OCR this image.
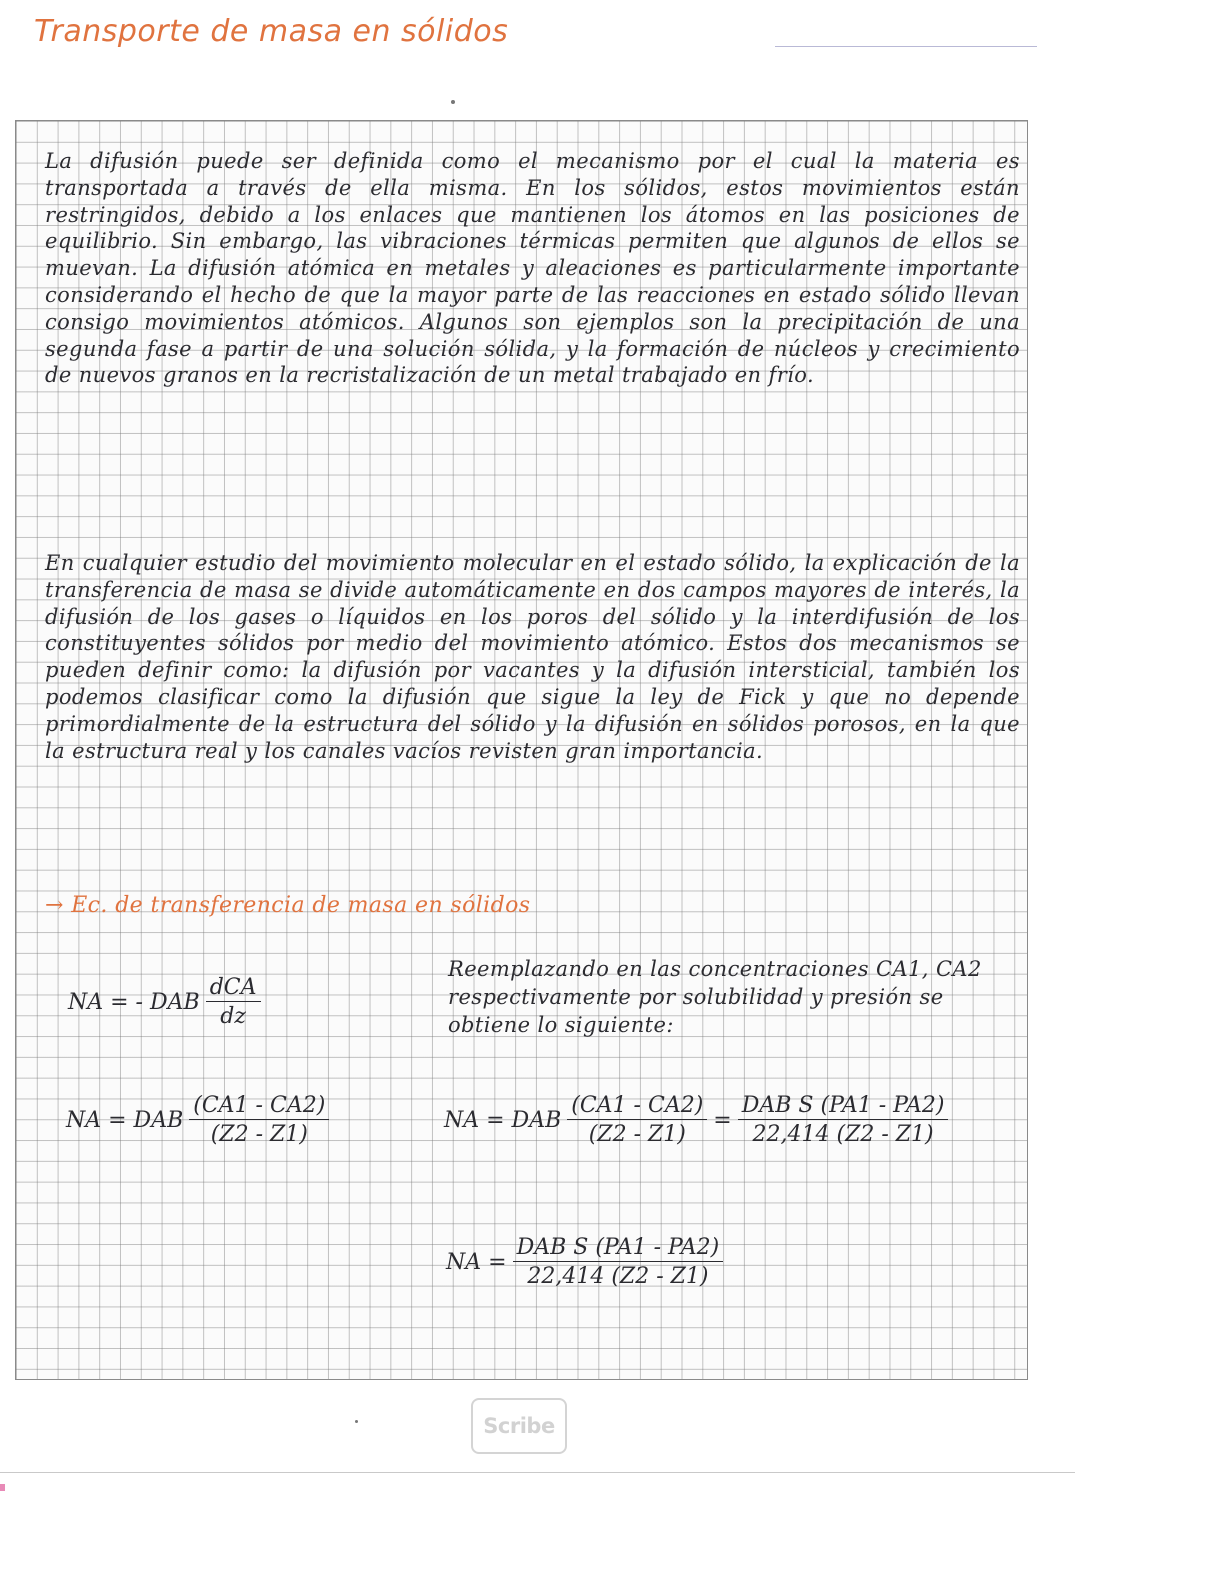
Transporte de masa en sólidos

La difusión puede ser definida como el mecanismo por el cual la materia es transportada a través de ella misma. En los sólidos, estos movimientos están restringidos, debido a los enlaces que mantienen los átomos en las posiciones de equilibrio. Sin embargo, las vibraciones térmicas permiten que algunos de ellos se muevan. La difusión atómica en metales y aleaciones es particularmente importante considerando el hecho de que la mayor parte de las reacciones en estado sólido llevan consigo movimientos atómicos. Algunos son ejemplos son la precipitación de una segunda fase a partir de una solución sólida, y la formación de núcleos y crecimiento de nuevos granos en la recristalización de un metal trabajado en frío.

En cualquier estudio del movimiento molecular en el estado sólido, la explicación de la transferencia de masa se divide automáticamente en dos campos mayores de interés, la difusión de los gases o líquidos en los poros del sólido y la interdifusión de los constituyentes sólidos por medio del movimiento atómico. Estos dos mecanismos se pueden definir como: la difusión por vacantes y la difusión intersticial, también los podemos clasificar como la difusión que sigue la ley de Fick y que no depende primordialmente de la estructura del sólido y la difusión en sólidos porosos, en la que la estructura real y los canales vacíos revisten gran importancia.

→ Ec. de transferencia de masa en sólidos
NA = - DAB $\frac{\text{dCA}}{dz}$

Reemplazando en las concentraciones CA1, CA2 respectivamente por solubilidad y presión se obtiene lo siguiente:

NA = DAB $\frac{(CA1 - CA2)}{(Z2 - Z1)}$	NA = DAB $\frac{(CA1 - CA2)}{(Z2 - Z1)} = \frac{\text{DAB S (PA1 - PA2)}}{22,414 (Z2 - Z1)}$
NA = $\frac{\text{DAB S (PA1 - PA2)}}{22,414 (Z2 - Z1)}$
Scribe
